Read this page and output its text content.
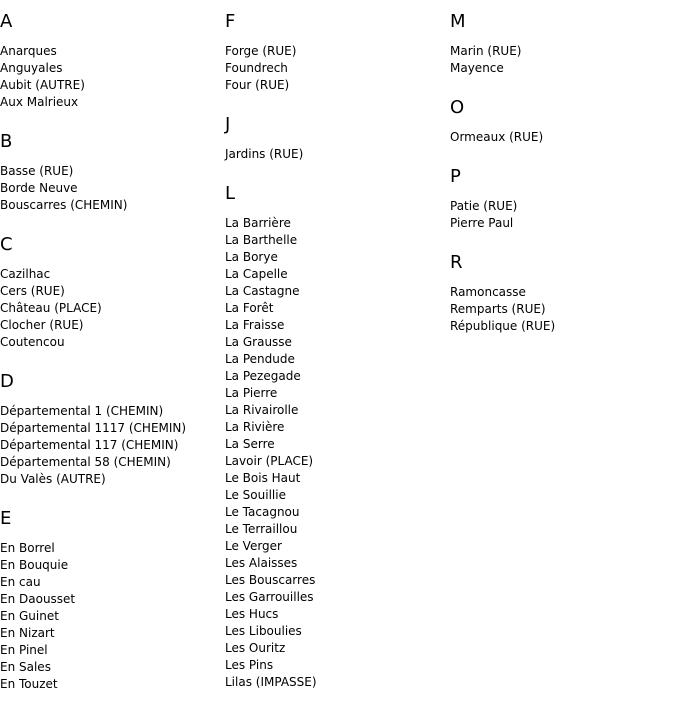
A
Anarques
Anguyales
Aubit (AUTRE)
Aux Malrieux
B
Basse (RUE)
Borde Neuve
Bouscarres (CHEMIN)
C
Cazilhac
Cers (RUE)
Château (PLACE)
Clocher (RUE)
Coutencou
D
Départemental 1 (CHEMIN)
Départemental 1117 (CHEMIN)
Départemental 117 (CHEMIN)
Départemental 58 (CHEMIN)
Du Valès (AUTRE)
E
En Borrel
En Bouquie
En cau
En Daousset
En Guinet
En Nizart
En Pinel
En Sales
En Touzet
F
Forge (RUE)
Foundrech
Four (RUE)
J
Jardins (RUE)
L
La Barrière
La Barthelle
La Borye
La Capelle
La Castagne
La Forêt
La Fraisse
La Grausse
La Pendude
La Pezegade
La Pierre
La Rivairolle
La Rivière
La Serre
Lavoir (PLACE)
Le Bois Haut
Le Souillie
Le Tacagnou
Le Terraillou
Le Verger
Les Alaisses
Les Bouscarres
Les Garrouilles
Les Hucs
Les Liboulies
Les Ouritz
Les Pins
Lilas (IMPASSE)
M
Marin (RUE)
Mayence
O
Ormeaux (RUE)
P
Patie (RUE)
Pierre Paul
R
Ramoncasse
Remparts (RUE)
République (RUE)
